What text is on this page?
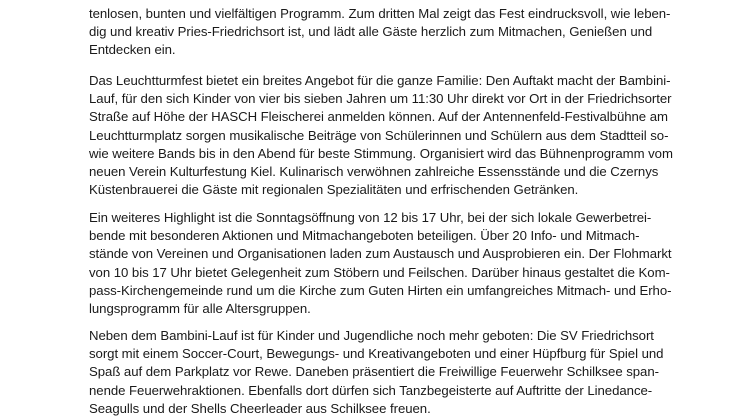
tenlosen, bunten und vielfältigen Programm. Zum dritten Mal zeigt das Fest eindrucksvoll, wie leben-
dig und kreativ Pries-Friedrichsort ist, und lädt alle Gäste herzlich zum Mitmachen, Genießen und
Entdecken ein.
Das Leuchtturmfest bietet ein breites Angebot für die ganze Familie: Den Auftakt macht der Bambini-
Lauf, für den sich Kinder von vier bis sieben Jahren um 11:30 Uhr direkt vor Ort in der Friedrichsorter
Straße auf Höhe der HASCH Fleischerei anmelden können. Auf der Antennenfeld-Festivalbühne am
Leuchtturmplatz sorgen musikalische Beiträge von Schülerinnen und Schülern aus dem Stadtteil so-
wie weitere Bands bis in den Abend für beste Stimmung. Organisiert wird das Bühnenprogramm vom
neuen Verein Kulturfestung Kiel. Kulinarisch verwöhnen zahlreiche Essensstände und die Czernys
Küstenbrauerei die Gäste mit regionalen Spezialitäten und erfrischenden Getränken.
Ein weiteres Highlight ist die Sonntagsöffnung von 12 bis 17 Uhr, bei der sich lokale Gewerbetrei-
bende mit besonderen Aktionen und Mitmachangeboten beteiligen. Über 20 Info- und Mitmach-
stände von Vereinen und Organisationen laden zum Austausch und Ausprobieren ein. Der Flohmarkt
von 10 bis 17 Uhr bietet Gelegenheit zum Stöbern und Feilschen. Darüber hinaus gestaltet die Kom-
pass-Kirchengemeinde rund um die Kirche zum Guten Hirten ein umfangreiches Mitmach- und Erho-
lungsprogramm für alle Altersgruppen.
Neben dem Bambini-Lauf ist für Kinder und Jugendliche noch mehr geboten: Die SV Friedrichsort
sorgt mit einem Soccer-Court, Bewegungs- und Kreativangeboten und einer Hüpfburg für Spiel und
Spaß auf dem Parkplatz vor Rewe. Daneben präsentiert die Freiwillige Feuerwehr Schilksee span-
nende Feuerwehraktionen. Ebenfalls dort dürfen sich Tanzbegeisterte auf Auftritte der Linedance-
Seagulls und der Shells Cheerleader aus Schilksee freuen.
